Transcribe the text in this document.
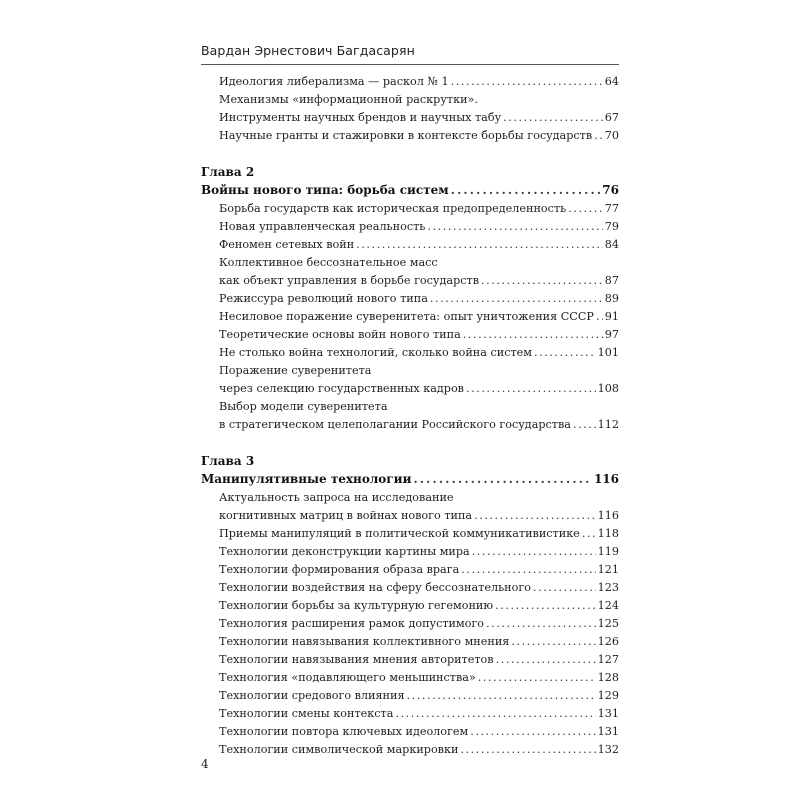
Вардан Эрнестович Багдасарян
Идеология либерализма — раскол № 1 . . .	64
Механизмы «информационной раскрутки».
Инструменты научных брендов и научных табу . . .	67
Научные гранты и стажировки в контексте борьбы государств . . . 70
Глава 2
Войны нового типа: борьба систем . . .	76
Борьба государств как историческая предопределенность . . .	77
Новая управленческая реальность . . .	79
Феномен сетевых войн . . .	84
Коллективное бессознательное масс
как объект управления в борьбе государств . . .	87
Режиссура революций нового типа . . .	89
Несиловое поражение суверенитета: опыт уничтожения СССР . . . 91
Теоретические основы войн нового типа . . .	97
Не столько война технологий, сколько война систем . . .	101
Поражение суверенитета
через селекцию государственных кадров . . .	108
Выбор модели суверенитета
в стратегическом целеполагании Российского государства . . . 112
Глава 3
Манипулятивные технологии . . .	116
Актуальность запроса на исследование
когнитивных матриц в войнах нового типа . . .	116
Приемы манипуляций в политической коммуникативистике . . . 118
Технологии деконструкции картины мира . . .	119
Технологии формирования образа врага . . .	121
Технологии воздействия на сферу бессознательного . . .	123
Технологии борьбы за культурную гегемонию . . .	124
Технология расширения рамок допустимого . . .	125
Технологии навязывания коллективного мнения . . .	126
Технологии навязывания мнения авторитетов . . .	127
Технология «подавляющего меньшинства» . . .	128
Технологии средового влияния . . .	129
Технологии смены контекста . . .	131
Технологии повтора ключевых идеологем . . .	131
Технологии символической маркировки . . .	132
4
